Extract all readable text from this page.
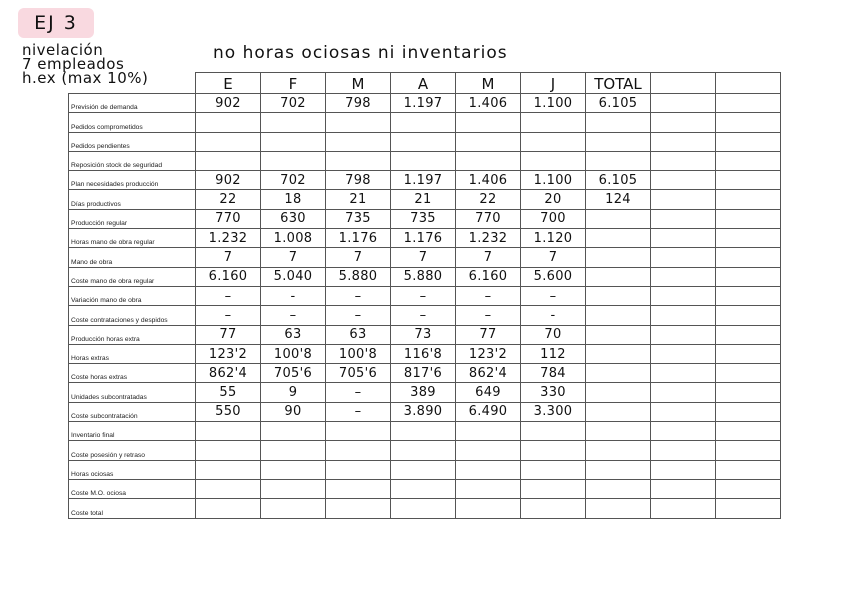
EJ 3
nivelación
7 empleados
h.ex (max 10%)
no horas ociosas ni inventarios
	E	F	M	A	M	J	TOTAL		
Previsión de demanda	902	702	798	1.197	1.406	1.100	6.105		
Pedidos comprometidos									
Pedidos pendientes									
Reposición stock de seguridad									
Plan necesidades producción	902	702	798	1.197	1.406	1.100	6.105		
Días productivos	22	18	21	21	22	20	124		
Producción regular	770	630	735	735	770	700			
Horas mano de obra regular	1.232	1.008	1.176	1.176	1.232	1.120			
Mano de obra	7	7	7	7	7	7			
Coste mano de obra regular	6.160	5.040	5.880	5.880	6.160	5.600			
Variación mano de obra	–	-	–	–	–	–			
Coste contrataciones y despidos	–	–	–	–	–	-			
Producción horas extra	77	63	63	73	77	70			
Horas extras	123'2	100'8	100'8	116'8	123'2	112			
Coste horas extras	862'4	705'6	705'6	817'6	862'4	784			
Unidades subcontratadas	55	9	–	389	649	330			
Coste subcontratación	550	90	–	3.890	6.490	3.300			
Inventario final									
Coste posesión y retraso									
Horas ociosas									
Coste M.O. ociosa									
Coste total									
